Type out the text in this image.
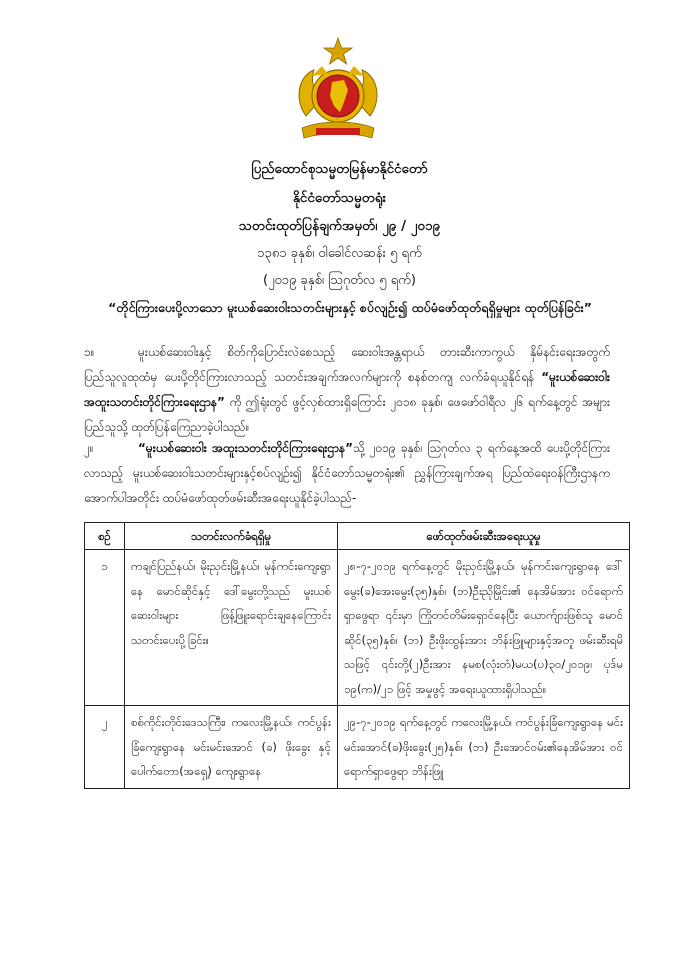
ပြည်ထောင်စုသမ္မတမြန်မာနိုင်ငံတော်
နိုင်ငံတော်သမ္မတရုံး
သတင်းထုတ်ပြန်ချက်အမှတ်၊ ၂၉ / ၂၀၁၉
၁၃၈၁ ခုနှစ်၊ ဝါခေါင်လဆန်း ၅ ရက်
(၂၀၁၉ ခုနှစ်၊ ဩဂုတ်လ ၅ ရက်)
“တိုင်ကြားပေးပို့လာသော မူးယစ်ဆေးဝါးသတင်းများနှင့် စပ်လျဉ်း၍ ထပ်မံဖော်ထုတ်ရရှိမှုများ ထုတ်ပြန်ခြင်း”
၁။	မူးယစ်ဆေးဝါးနှင့် စိတ်ကိုပြောင်းလဲစေသည့် ဆေးဝါးအန္တရာယ် တားဆီးကာကွယ် နှိမ်နင်းရေးအတွက် ပြည်သူလူထုထံမှ ပေးပို့တိုင်ကြားလာသည့် သတင်းအချက်အလက်များကို စနစ်တကျ လက်ခံရယူနိုင်ရန် “မူးယစ်ဆေးဝါး အထူးသတင်းတိုင်ကြားရေးဌာန” ကို ဤရုံးတွင် ဖွင့်လှစ်ထားရှိကြောင်း ၂၀၁၈ ခုနှစ်၊ ဖေဖော်ဝါရီလ ၂၆ ရက်နေ့တွင် အများပြည်သူသို့ ထုတ်ပြန်ကြေညာခဲ့ပါသည်။
၂။	“မူးယစ်ဆေးဝါး အထူးသတင်းတိုင်ကြားရေးဌာန”သို့ ၂၀၁၉ ခုနှစ်၊ ဩဂုတ်လ ၃ ရက်နေ့အထိ ပေးပို့တိုင်ကြားလာသည့် မူးယစ်ဆေးဝါးသတင်းများနှင့်စပ်လျဉ်း၍ နိုင်ငံတော်သမ္မတရုံး၏ ညွှန်ကြားချက်အရ ပြည်ထဲရေးဝန်ကြီးဌာနက အောက်ပါအတိုင်း ထပ်မံဖော်ထုတ်ဖမ်းဆီးအရေးယူနိုင်ခဲ့ပါသည်-
စဉ်	သတင်းလက်ခံရရှိမှု	ဖော်ထုတ်ဖမ်းဆီးအရေးယူမှု
၁	ကချင်ပြည်နယ်၊ မိုးညှင်းမြို့နယ်၊ မုန်ကင်းကျေးရွာနေ မောင်ဆိုင်နှင့် ဒေါ်မွေးတို့သည် မူးယစ်ဆေးဝါးများ ဖြန့်ဖြူးရောင်းချနေကြောင်း သတင်းပေးပို့ခြင်း။	၂၈-၇-၂၀၁၉ ရက်နေ့တွင် မိုးညှင်းမြို့နယ်၊ မုန်ကင်းကျေးရွာနေ ဒေါ်မွေး(ခ)အေးမွေး(၃၅)နှစ်၊ (ဘ)ဦးညိုမြိုင်း၏ နေအိမ်အား ဝင်ရောက်ရှာဖွေရာ ၎င်းမှာ ကြိုတင်တိမ်းရှောင်နေပြီး ယောက်ျားဖြစ်သူ မောင်ဆိုင်(၃၅)နှစ်၊ (ဘ) ဦးဖိုးထွန်းအား ဘိန်းဖြူများနှင့်အတူ ဖမ်းဆီးရမိသဖြင့် ၎င်းတို့(၂)ဦးအား နမစ(လုံးတံ)မယ(ပ)၃၀/၂၀၁၉၊ ပုဒ်မ ၁၉(က)/၂၁ ဖြင့် အမှုဖွင့် အရေးယူထားရှိပါသည်။
၂	စစ်ကိုင်းတိုင်းဒေသကြီး၊ ကလေးမြို့နယ်၊ ကင်ပွန်းခြံကျေးရွာနေ မင်းမင်းအောင် (ခ) ဖိုးခွေး နှင့် ပေါက်တော(အရှေ့) ကျေးရွာနေ	၂၉-၇-၂၀၁၉ ရက်နေ့တွင် ကလေးမြို့နယ်၊ ကင်ပွန်းခြံကျေးရွာနေ မင်းမင်းအောင်(ခ)ဖိုးခွေး(၂၅)နှစ်၊ (ဘ) ဦးအောင်ဝမ်း၏နေအိမ်အား ဝင်ရောက်ရှာဖွေရာ ဘိန်းဖြူ
